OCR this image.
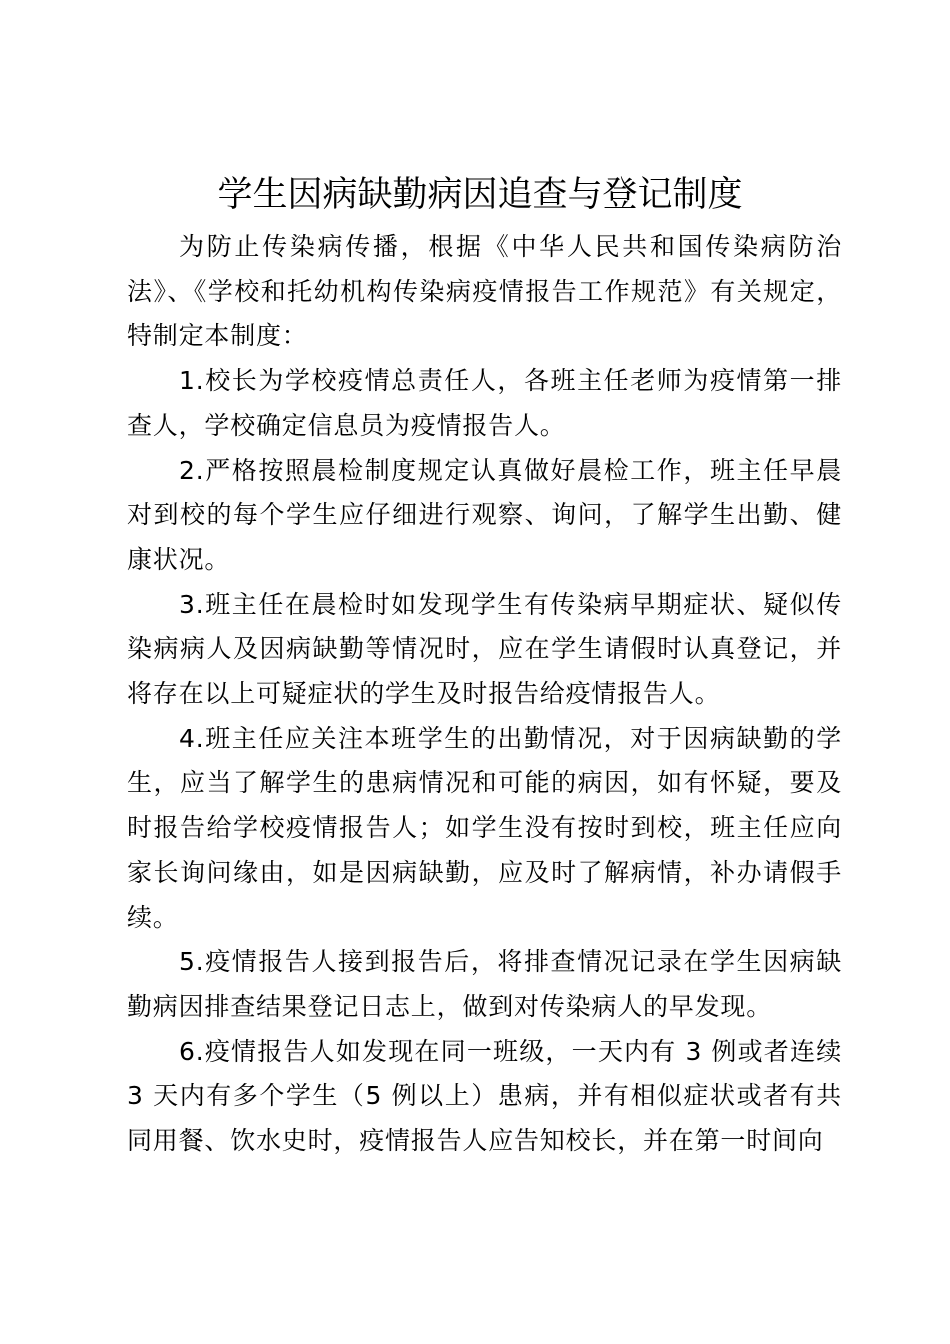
学生因病缺勤病因追查与登记制度

为防止传染病传播，根据《中华人民共和国传染病防治法》、《学校和托幼机构传染病疫情报告工作规范》有关规定，特制定本制度：

1.校长为学校疫情总责任人，各班主任老师为疫情第一排查人，学校确定信息员为疫情报告人。

2.严格按照晨检制度规定认真做好晨检工作，班主任早晨对到校的每个学生应仔细进行观察、询问，了解学生出勤、健康状况。

3.班主任在晨检时如发现学生有传染病早期症状、疑似传染病病人及因病缺勤等情况时，应在学生请假时认真登记，并将存在以上可疑症状的学生及时报告给疫情报告人。

4.班主任应关注本班学生的出勤情况，对于因病缺勤的学生，应当了解学生的患病情况和可能的病因，如有怀疑，要及时报告给学校疫情报告人；如学生没有按时到校，班主任应向家长询问缘由，如是因病缺勤，应及时了解病情，补办请假手续。

5.疫情报告人接到报告后，将排查情况记录在学生因病缺勤病因排查结果登记日志上，做到对传染病人的早发现。

6.疫情报告人如发现在同一班级，一天内有 3 例或者连续 3 天内有多个学生（5 例以上）患病，并有相似症状或者有共同用餐、饮水史时，疫情报告人应告知校长，并在第一时间向
